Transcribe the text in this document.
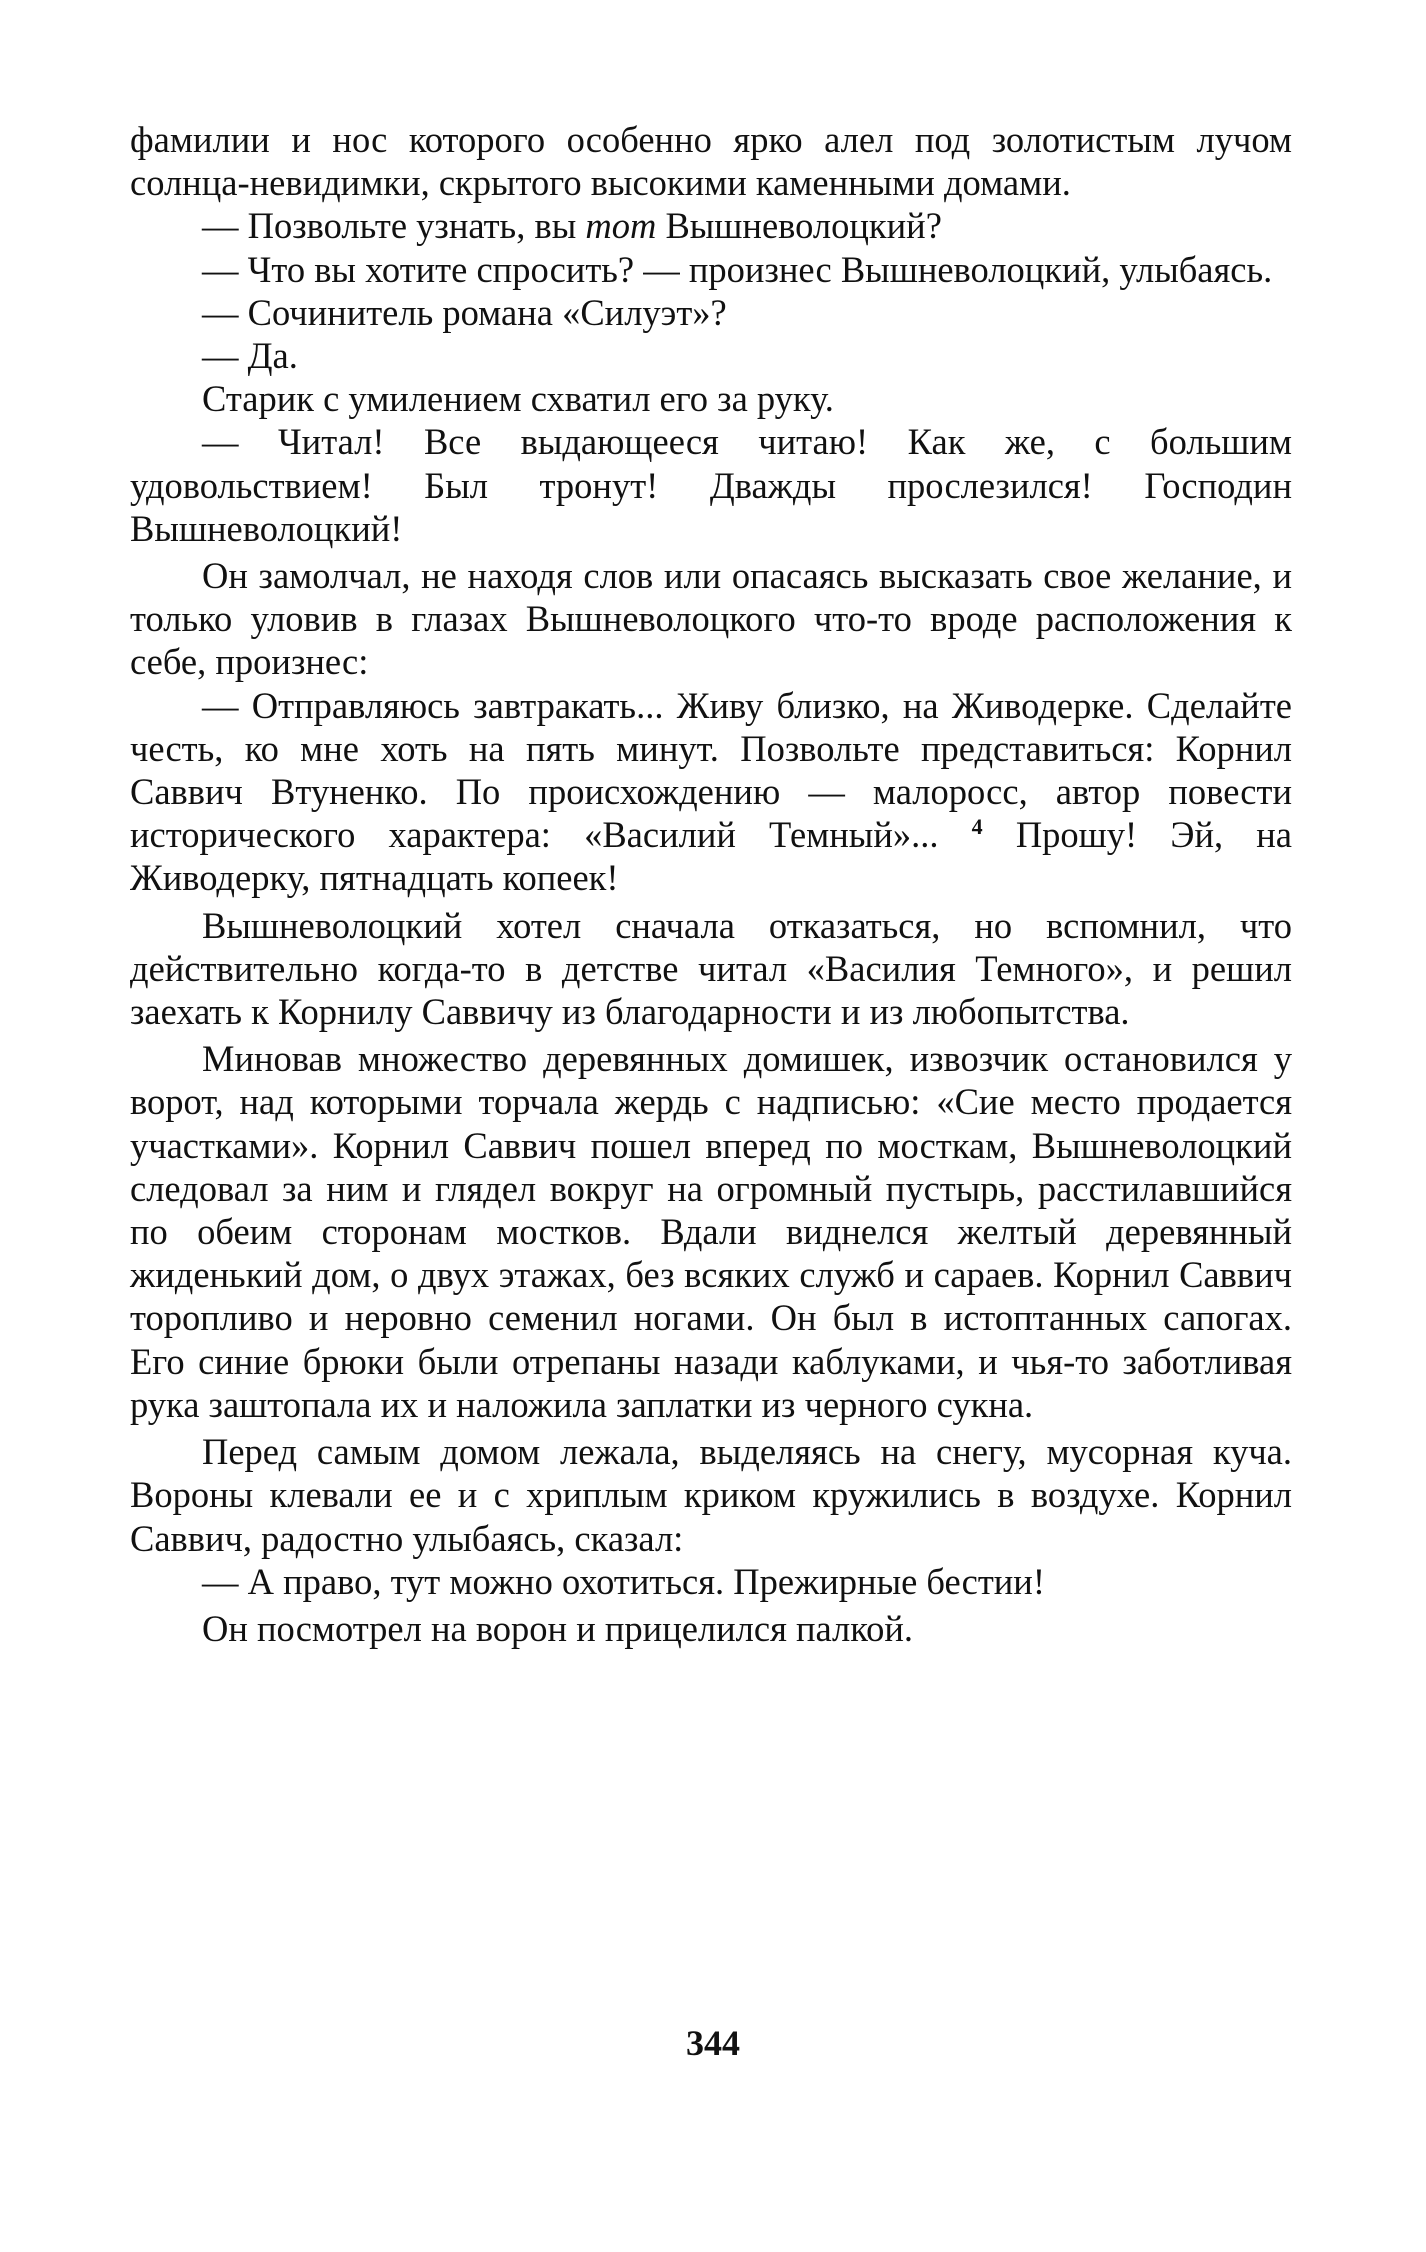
фамилии и нос которого особенно ярко алел под золотистым лучом солнца-невидимки, скрытого высокими каменными домами.

— Позвольте узнать, вы тот Вышневолоцкий?

— Что вы хотите спросить? — произнес Вышневолоцкий, улыбаясь.

— Сочинитель романа «Силуэт»?

— Да.

Старик с умилением схватил его за руку.

— Читал! Все выдающееся читаю! Как же, с большим удовольствием! Был тронут! Дважды прослезился! Господин Вышневолоцкий!

Он замолчал, не находя слов или опасаясь высказать свое желание, и только уловив в глазах Вышневолоцкого что-то вроде расположения к себе, произнес:

— Отправляюсь завтракать... Живу близко, на Живодерке. Сделайте честь, ко мне хоть на пять минут. Позвольте представиться: Корнил Саввич Втуненко. По происхождению — малоросс, автор повести исторического характера: «Василий Темный»... $^4$ Прошу! Эй, на Живодерку, пятнадцать копеек!

Вышневолоцкий хотел сначала отказаться, но вспомнил, что действительно когда-то в детстве читал «Василия Темного», и решил заехать к Корнилу Саввичу из благодарности и из любопытства.

Миновав множество деревянных домишек, извозчик остановился у ворот, над которыми торчала жердь с надписью: «Сие место продается участками». Корнил Саввич пошел вперед по мосткам, Вышневолоцкий следовал за ним и глядел вокруг на огромный пустырь, расстилавшийся по обеим сторонам мостков. Вдали виднелся желтый деревянный жиденький дом, о двух этажах, без всяких служб и сараев. Корнил Саввич торопливо и неровно семенил ногами. Он был в истоптанных сапогах. Его синие брюки были отрепаны назади каблуками, и чья-то заботливая рука заштопала их и наложила заплатки из черного сукна.

Перед самым домом лежала, выделяясь на снегу, мусорная куча. Вороны клевали ее и с хриплым криком кружились в воздухе. Корнил Саввич, радостно улыбаясь, сказал:

— А право, тут можно охотиться. Прежирные бестии!

Он посмотрел на ворон и прицелился палкой.

344
